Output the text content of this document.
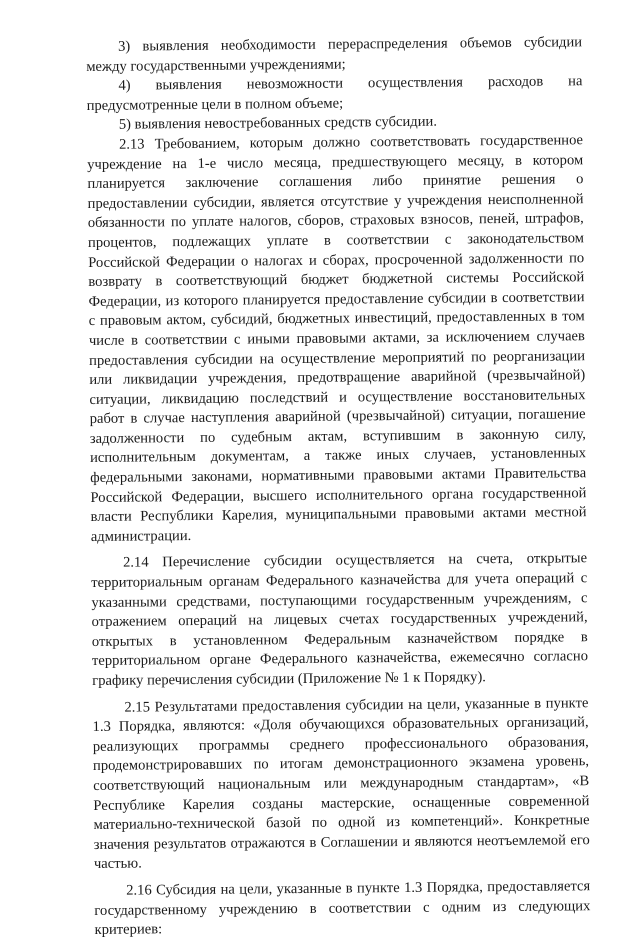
3) выявления необходимости перераспределения объемов субсидии между государственными учреждениями;

4) выявления невозможности осуществления расходов на предусмотренные цели в полном объеме;

5) выявления невостребованных средств субсидии.

2.13 Требованием, которым должно соответствовать государственное учреждение на 1-е число месяца, предшествующего месяцу, в котором планируется заключение соглашения либо принятие решения о предоставлении субсидии, является отсутствие у учреждения неисполненной обязанности по уплате налогов, сборов, страховых взносов, пеней, штрафов, процентов, подлежащих уплате в соответствии с законодательством Российской Федерации о налогах и сборах, просроченной задолженности по возврату в соответствующий бюджет бюджетной системы Российской Федерации, из которого планируется предоставление субсидии в соответствии с правовым актом, субсидий, бюджетных инвестиций, предоставленных в том числе в соответствии с иными правовыми актами, за исключением случаев предоставления субсидии на осуществление мероприятий по реорганизации или ликвидации учреждения, предотвращение аварийной (чрезвычайной) ситуации, ликвидацию последствий и осуществление восстановительных работ в случае наступления аварийной (чрезвычайной) ситуации, погашение задолженности по судебным актам, вступившим в законную силу, исполнительным документам, а также иных случаев, установленных федеральными законами, нормативными правовыми актами Правительства Российской Федерации, высшего исполнительного органа государственной власти Республики Карелия, муниципальными правовыми актами местной администрации.

2.14 Перечисление субсидии осуществляется на счета, открытые территориальным органам Федерального казначейства для учета операций с указанными средствами, поступающими государственным учреждениям, с отражением операций на лицевых счетах государственных учреждений, открытых в установленном Федеральным казначейством порядке в территориальном органе Федерального казначейства, ежемесячно согласно графику перечисления субсидии (Приложение № 1 к Порядку).

2.15 Результатами предоставления субсидии на цели, указанные в пункте 1.3 Порядка, являются: «Доля обучающихся образовательных организаций, реализующих программы среднего профессионального образования, продемонстрировавших по итогам демонстрационного экзамена уровень, соответствующий национальным или международным стандартам», «В Республике Карелия созданы мастерские, оснащенные современной материально-технической базой по одной из компетенций». Конкретные значения результатов отражаются в Соглашении и являются неотъемлемой его частью.

2.16 Субсидия на цели, указанные в пункте 1.3 Порядка, предоставляется государственному учреждению в соответствии с одним из следующих критериев:
